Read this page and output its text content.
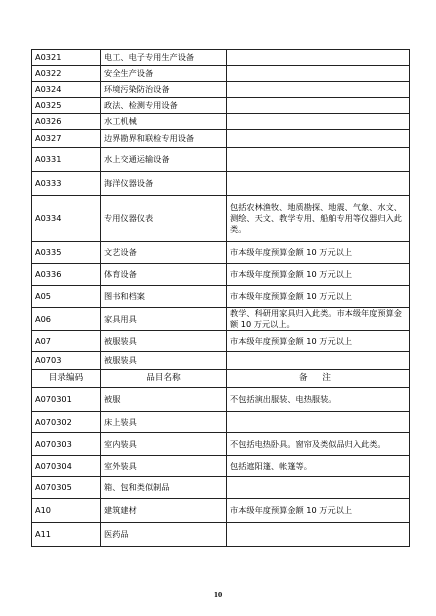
A0321	电工、电子专用生产设备	
A0322	安全生产设备	
A0324	环境污染防治设备	
A0325	政法、检测专用设备	
A0326	水工机械	
A0327	边界勘界和联检专用设备	
A0331	水上交通运输设备	
A0333	海洋仪器设备	
A0334	专用仪器仪表	包括农林渔牧、地质勘探、地震、气象、水文、测绘、天文、教学专用、船舶专用等仪器归入此类。
A0335	文艺设备	市本级年度预算金额 10 万元以上
A0336	体育设备	市本级年度预算金额 10 万元以上
A05	图书和档案	市本级年度预算金额 10 万元以上
A06	家具用具	教学、科研用家具归入此类。市本级年度预算金额 10 万元以上。
A07	被服装具	市本级年度预算金额 10 万元以上
A0703	被服装具	
目录编码	品目名称	备 注
A070301	被服	不包括演出服装、电热服装。
A070302	床上装具	
A070303	室内装具	不包括电热卧具。窗帘及类似品归入此类。
A070304	室外装具	包括遮阳篷、帐篷等。
A070305	箱、包和类似制品	
A10	建筑建材	市本级年度预算金额 10 万元以上
A11	医药品	
10
